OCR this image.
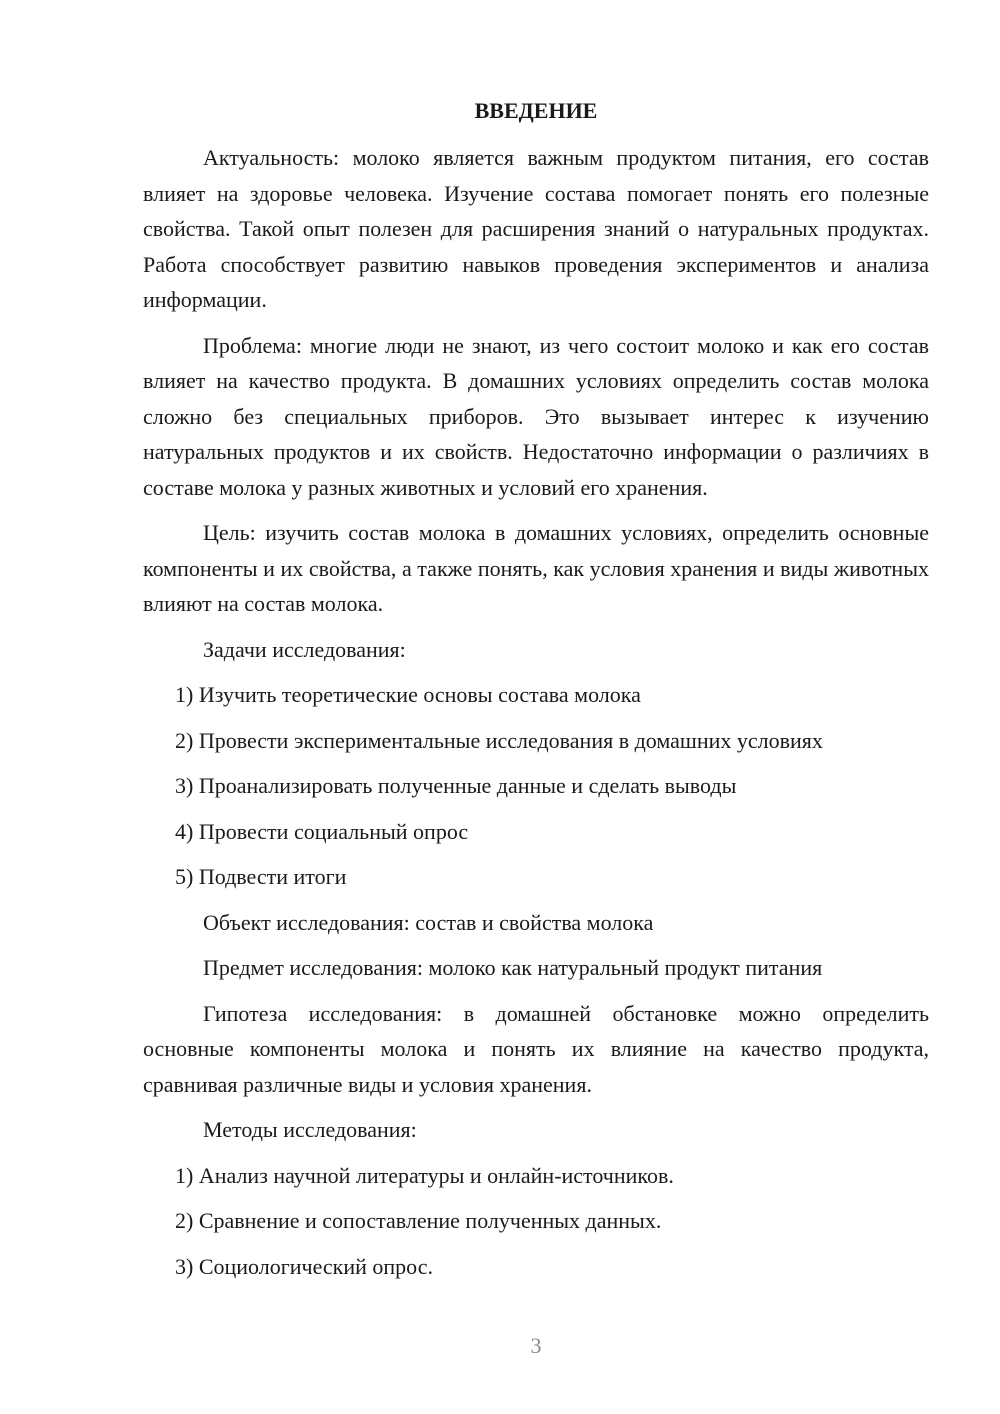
ВВЕДЕНИЕ

Актуальность: молоко является важным продуктом питания, его состав влияет на здоровье человека. Изучение состава помогает понять его полезные свойства. Такой опыт полезен для расширения знаний о натуральных продуктах. Работа способствует развитию навыков проведения экспериментов и анализа информации.

Проблема: многие люди не знают, из чего состоит молоко и как его состав влияет на качество продукта. В домашних условиях определить состав молока сложно без специальных приборов. Это вызывает интерес к изучению натуральных продуктов и их свойств. Недостаточно информации о различиях в составе молока у разных животных и условий его хранения.

Цель: изучить состав молока в домашних условиях, определить основные компоненты и их свойства, а также понять, как условия хранения и виды животных влияют на состав молока.

Задачи исследования:
1) Изучить теоретические основы состава молока
2) Провести экспериментальные исследования в домашних условиях
3) Проанализировать полученные данные и сделать выводы
4) Провести социальный опрос
5) Подвести итоги
Объект исследования: состав и свойства молока
Предмет исследования: молоко как натуральный продукт питания

Гипотеза исследования: в домашней обстановке можно определить основные компоненты молока и понять их влияние на качество продукта, сравнивая различные виды и условия хранения.

Методы исследования:
1) Анализ научной литературы и онлайн-источников.
2) Сравнение и сопоставление полученных данных.
3) Социологический опрос.
3
